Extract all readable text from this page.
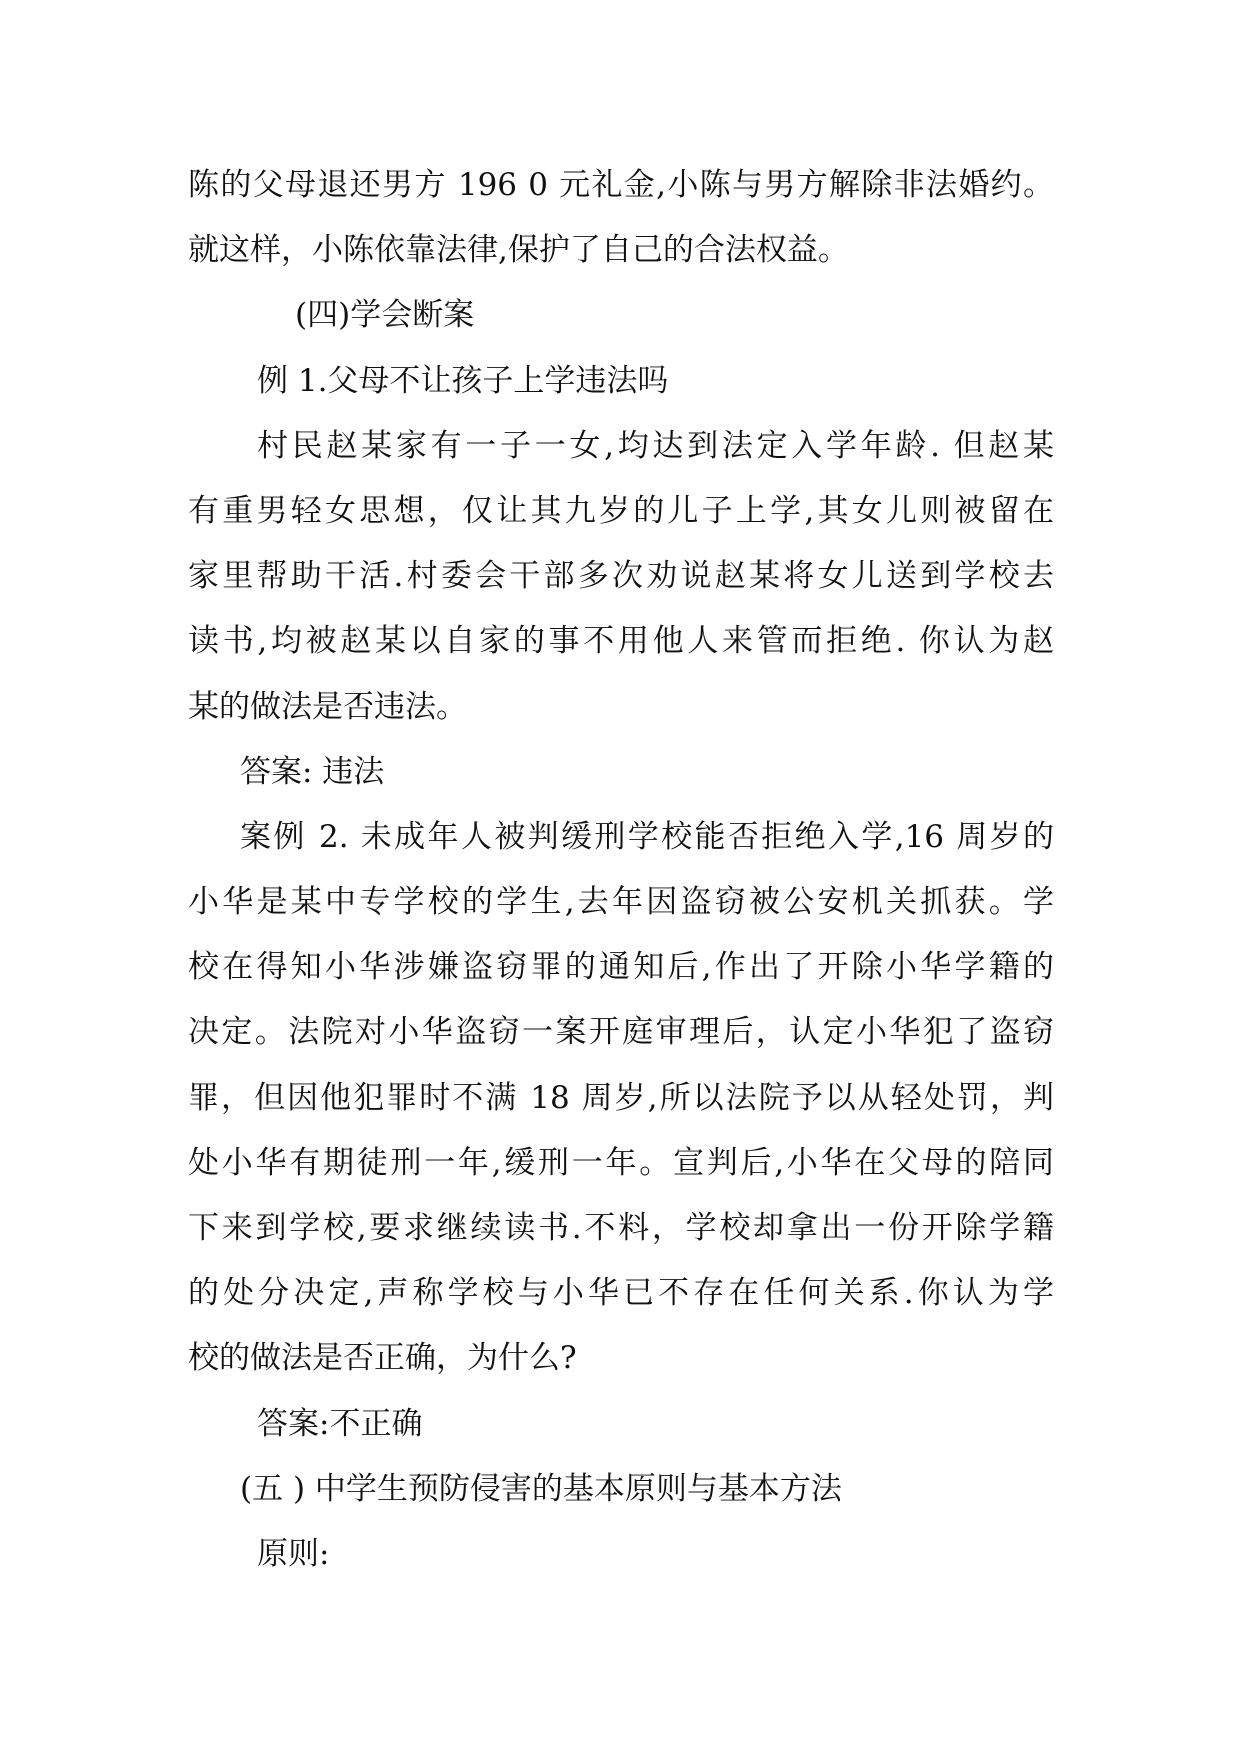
陈的父母退还男方 196 0 元礼金,小陈与男方解除非法婚约。
就这样，小陈依靠法律,保护了自己的合法权益。
(四)学会断案
例 1.父母不让孩子上学违法吗
村民赵某家有一子一女,均达到法定入学年龄. 但赵某
有重男轻女思想，仅让其九岁的儿子上学,其女儿则被留在
家里帮助干活.村委会干部多次劝说赵某将女儿送到学校去
读书,均被赵某以自家的事不用他人来管而拒绝. 你认为赵
某的做法是否违法。
答案: 违法
案例 2. 未成年人被判缓刑学校能否拒绝入学,16 周岁的
小华是某中专学校的学生,去年因盗窃被公安机关抓获。学
校在得知小华涉嫌盗窃罪的通知后,作出了开除小华学籍的
决定。法院对小华盗窃一案开庭审理后，认定小华犯了盗窃
罪，但因他犯罪时不满 18 周岁,所以法院予以从轻处罚，判
处小华有期徒刑一年,缓刑一年。宣判后,小华在父母的陪同
下来到学校,要求继续读书.不料，学校却拿出一份开除学籍
的处分决定,声称学校与小华已不存在任何关系.你认为学
校的做法是否正确，为什么?
答案:不正确
(五 ) 中学生预防侵害的基本原则与基本方法
原则:
